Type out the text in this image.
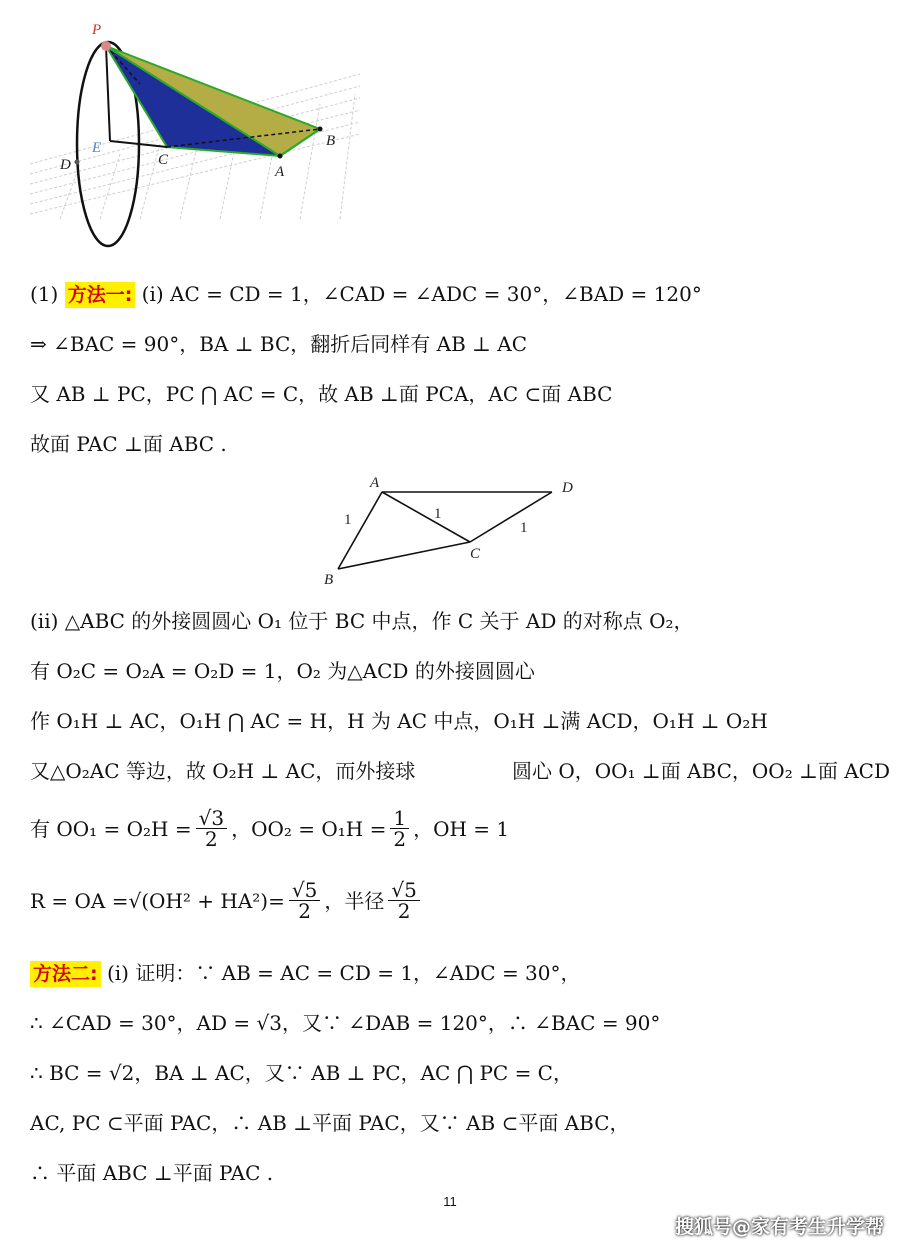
P
E
C
D	A
B
(1) 方法一: (i) AC = CD = 1，∠CAD = ∠ADC = 30°，∠BAD = 120°
⇒ ∠BAC = 90°，BA ⊥ BC，翻折后同样有 AB ⊥ AC
又 AB ⊥ PC，PC ⋂ AC = C，故 AB ⊥面 PCA，AC ⊂面 ABC
故面 PAC ⊥面 ABC .
A
B
C
D
1	1
1
(ii) △ABC 的外接圆圆心 O₁ 位于 BC 中点，作 C 关于 AD 的对称点 O₂，
有 O₂C = O₂A = O₂D = 1，O₂ 为△ACD 的外接圆圆心
作 O₁H ⊥ AC，O₁H ⋂ AC = H，H 为 AC 中点，O₁H ⊥满 ACD，O₁H ⊥ O₂H
又△O₂AC 等边，故 O₂H ⊥ AC，而外接球	圆心 O，OO₁ ⊥面 ABC，OO₂ ⊥面 ACD
有 $OO_1 = O_2H = \frac{√3}{2}$ ，$OO_2 = O_1H = \frac{1}{2}$ ，OH = 1
R = OA = $√(OH^2 + HA^2) = \frac{√5}{2}$ ，半径 $\frac{√5}{2}$
方法二: (i) 证明：∵ AB = AC = CD = 1，∠ADC = 30°，
∴ ∠CAD = 30°，AD = √3，又∵ ∠DAB = 120°，∴ ∠BAC = 90°
∴ BC = √2，BA ⊥ AC，又∵ AB ⊥ PC，AC ⋂ PC = C，
AC, PC ⊂平面 PAC，∴ AB ⊥平面 PAC，又∵ AB ⊂平面 ABC，
∴ 平面 ABC ⊥平面 PAC .
11
搜狐号@家有考生升学帮
